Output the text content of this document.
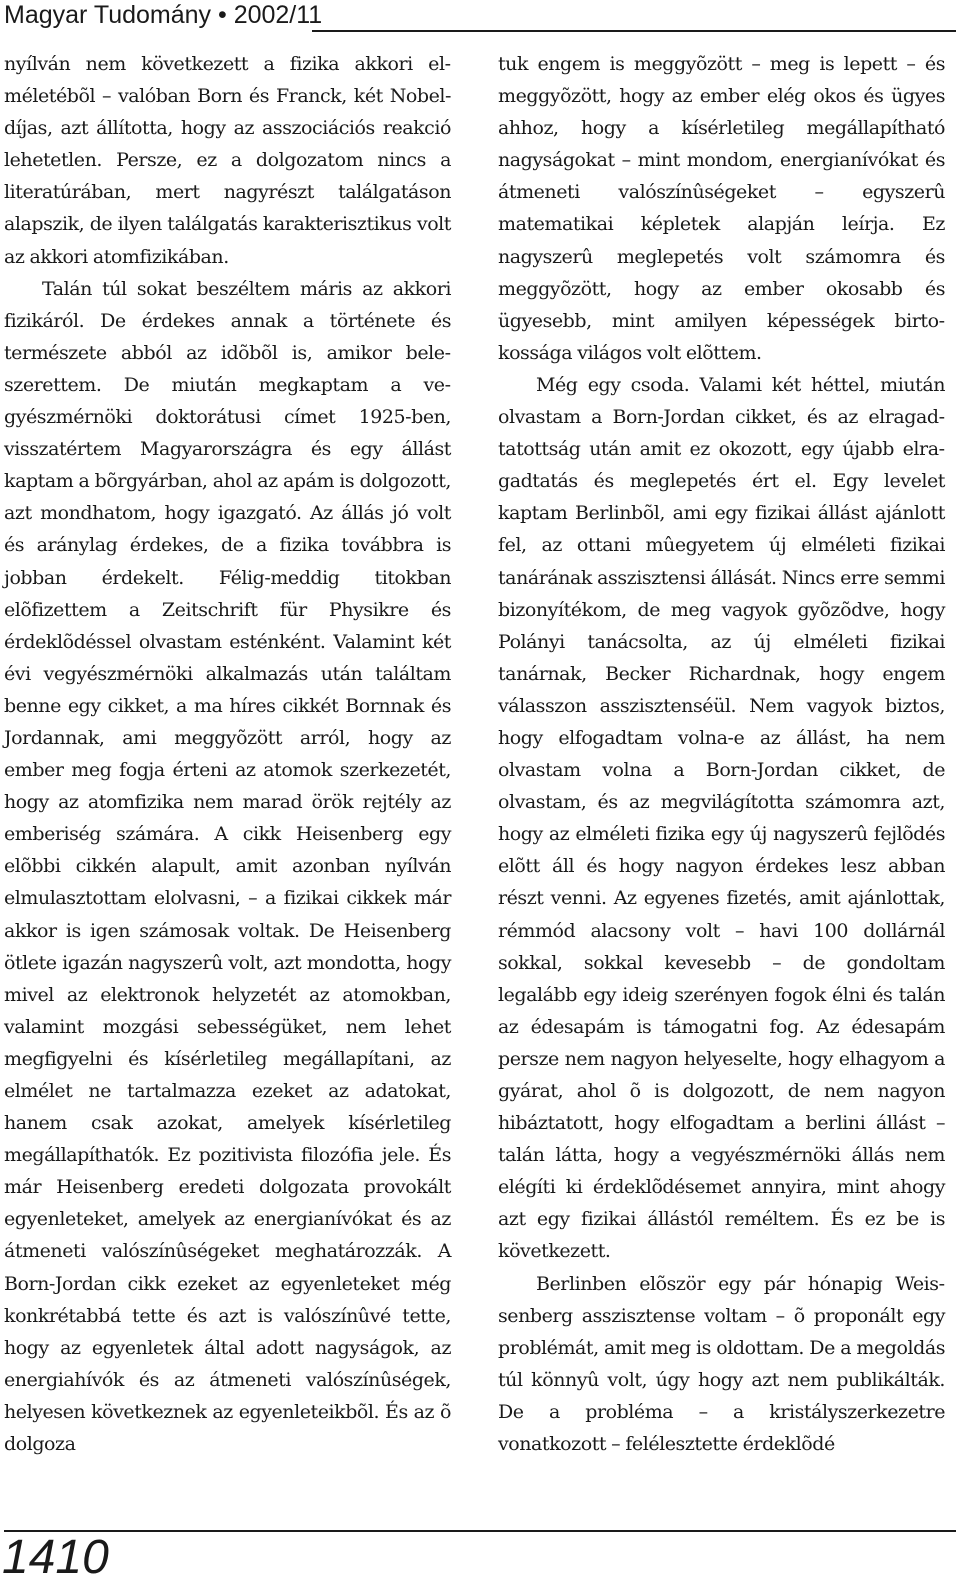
Magyar Tudomány • 2002/11

nyílván nem következett a fizika akkori elméletébõl – valóban Born és Franck, két Nobel-díjas, azt állította, hogy az asszociációs reakció lehetetlen. Persze, ez a dolgozatom nincs a literatúrában, mert nagyrészt találgatáson alapszik, de ilyen találgatás karakterisztikus volt az akkori atomfizikában.

Talán túl sokat beszéltem máris az akkori fizikáról. De érdekes annak a története és természete abból az idõbõl is, amikor beleszerettem. De miután megkaptam a vegyészmérnöki doktorátusi címet 1925-ben, visszatértem Magyarországra és egy állást kaptam a bõrgyárban, ahol az apám is dolgozott, azt mondhatom, hogy igazgató. Az állás jó volt és aránylag érdekes, de a fizika továbbra is jobban érdekelt. Félig-meddig titokban elõfizettem a Zeitschrift für Physikre és érdeklõdéssel olvastam esténként. Valamint két évi vegyészmérnöki alkalmazás után találtam benne egy cikket, a ma híres cikkét Bornnak és Jordannak, ami meggyõzött arról, hogy az ember meg fogja érteni az atomok szerkezetét, hogy az atomfizika nem marad örök rejtély az emberiség számára. A cikk Heisenberg egy elõbbi cikkén alapult, amit azonban nyílván elmulasztottam elolvasni, – a fizikai cikkek már akkor is igen számosak voltak. De Heisenberg ötlete igazán nagyszerû volt, azt mondotta, hogy mivel az elektronok helyzetét az atomokban, valamint mozgási sebességüket, nem lehet megfigyelni és kísérletileg megállapítani, az elmélet ne tartalmazza ezeket az adatokat, hanem csak azokat, amelyek kísérletileg megállapíthatók. Ez pozitivista filozófia jele. És már Heisenberg eredeti dolgozata provokált egyenleteket, amelyek az energianívókat és az átmeneti valószínûségeket meghatározzák. A Born-Jordan cikk ezeket az egyenleteket még konkrétabbá tette és azt is valószínûvé tette, hogy az egyenletek által adott nagyságok, az energiahívók és az átmeneti valószínûségek, helyesen következnek az egyenleteikbõl. És az õ dolgoza

tuk engem is meggyõzött – meg is lepett – és meggyõzött, hogy az ember elég okos és ügyes ahhoz, hogy a kísérletileg megállapítható nagyságokat – mint mondom, energianívókat és átmeneti valószínûségeket – egyszerû matematikai képletek alapján leírja. Ez nagyszerû meglepetés volt számomra és meggyõzött, hogy az ember okosabb és ügyesebb, mint amilyen képességek birtokossága világos volt elõttem.

Még egy csoda. Valami két héttel, miután olvastam a Born-Jordan cikket, és az elragadtatottság után amit ez okozott, egy újabb elragadtatás és meglepetés ért el. Egy levelet kaptam Berlinbõl, ami egy fizikai állást ajánlott fel, az ottani mûegyetem új elméleti fizikai tanárának asszisztensi állását. Nincs erre semmi bizonyítékom, de meg vagyok gyõzõdve, hogy Polányi tanácsolta, az új elméleti fizikai tanárnak, Becker Richardnak, hogy engem válasszon asszisztenséül. Nem vagyok biztos, hogy elfogadtam volna-e az állást, ha nem olvastam volna a Born-Jordan cikket, de olvastam, és az megvilágította számomra azt, hogy az elméleti fizika egy új nagyszerû fejlõdés elõtt áll és hogy nagyon érdekes lesz abban részt venni. Az egyenes fizetés, amit ajánlottak, rémmód alacsony volt – havi 100 dollárnál sokkal, sokkal kevesebb – de gondoltam legalább egy ideig szerényen fogok élni és talán az édesapám is támogatni fog. Az édesapám persze nem nagyon helyeselte, hogy elhagyom a gyárat, ahol õ is dolgozott, de nem nagyon hibáztatott, hogy elfogadtam a berlini állást – talán látta, hogy a vegyészmérnöki állás nem elégíti ki érdeklõdésemet annyira, mint ahogy azt egy fizikai állástól reméltem. És ez be is következett.

Berlinben elõször egy pár hónapig Weissenberg asszisztense voltam – õ proponált egy problémát, amit meg is oldottam. De a megoldás túl könnyû volt, úgy hogy azt nem publikálták. De a probléma – a kristályszerkezetre vonatkozott – felélesztette érdeklõdé

1410
